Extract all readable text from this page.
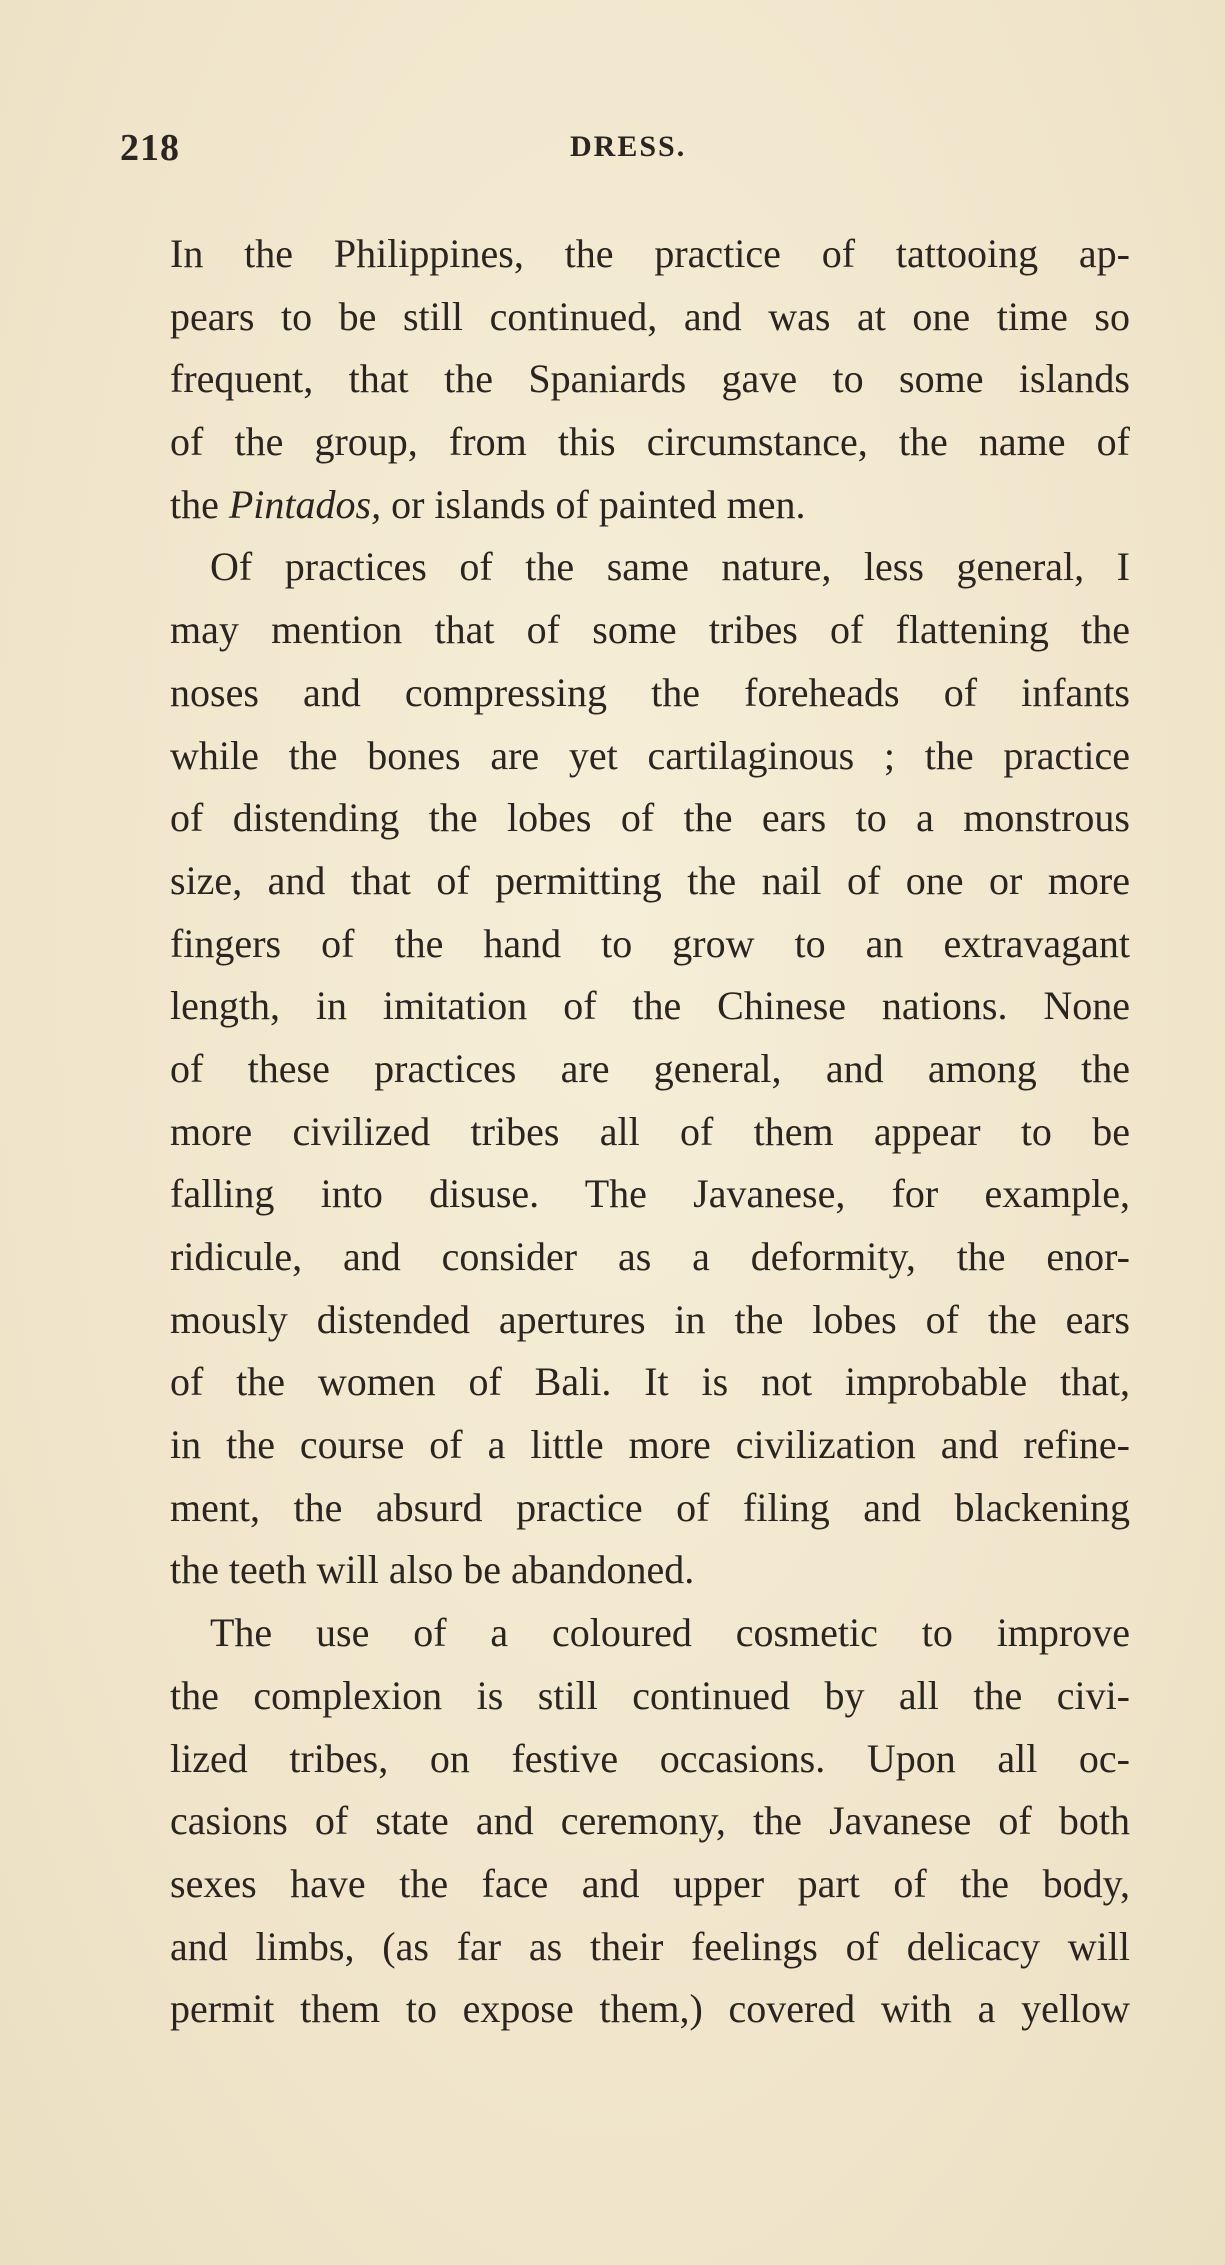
218	DRESS.
In the Philippines, the practice of tattooing ap-
pears to be still continued, and was at one time so
frequent, that the Spaniards gave to some islands
of the group, from this circumstance, the name of
the Pintados, or islands of painted men.
Of practices of the same nature, less general, I
may mention that of some tribes of flattening the
noses and compressing the foreheads of infants
while the bones are yet cartilaginous ; the practice
of distending the lobes of the ears to a monstrous
size, and that of permitting the nail of one or more
fingers of the hand to grow to an extravagant
length, in imitation of the Chinese nations. None
of these practices are general, and among the
more civilized tribes all of them appear to be
falling into disuse. The Javanese, for example,
ridicule, and consider as a deformity, the enor-
mously distended apertures in the lobes of the ears
of the women of Bali. It is not improbable that,
in the course of a little more civilization and refine-
ment, the absurd practice of filing and blackening
the teeth will also be abandoned.
The use of a coloured cosmetic to improve
the complexion is still continued by all the civi-
lized tribes, on festive occasions. Upon all oc-
casions of state and ceremony, the Javanese of both
sexes have the face and upper part of the body,
and limbs, (as far as their feelings of delicacy will
permit them to expose them,) covered with a yellow
